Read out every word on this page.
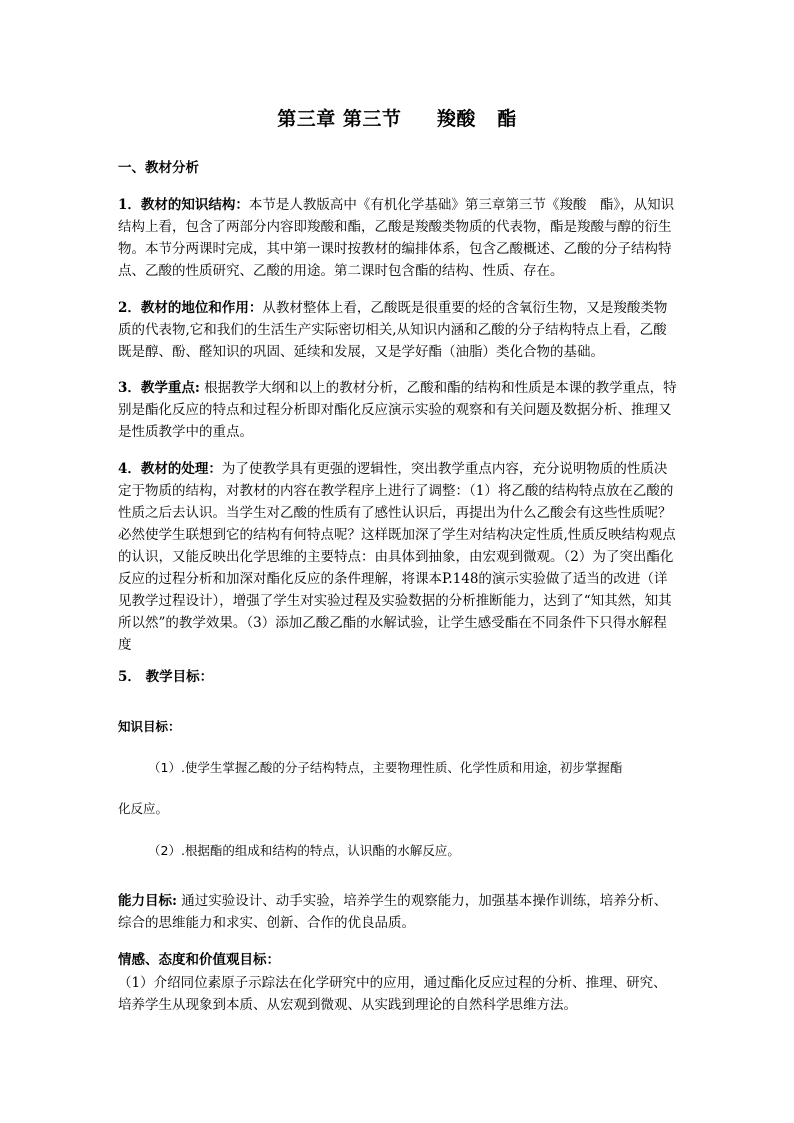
第三章 第三节     羧酸   酯
一、教材分析
1．教材的知识结构：本节是人教版高中《有机化学基础》第三章第三节《羧酸　酯》，从知识结构上看，包含了两部分内容即羧酸和酯，乙酸是羧酸类物质的代表物，酯是羧酸与醇的衍生物。本节分两课时完成，其中第一课时按教材的编排体系，包含乙酸概述、乙酸的分子结构特点、乙酸的性质研究、乙酸的用途。第二课时包含酯的结构、性质、存在。
2．教材的地位和作用：从教材整体上看，乙酸既是很重要的烃的含氧衍生物，又是羧酸类物质的代表物,它和我们的生活生产实际密切相关,从知识内涵和乙酸的分子结构特点上看，乙酸既是醇、酚、醛知识的巩固、延续和发展，又是学好酯（油脂）类化合物的基础。
3．教学重点: 根据教学大纲和以上的教材分析，乙酸和酯的结构和性质是本课的教学重点，特别是酯化反应的特点和过程分析即对酯化反应演示实验的观察和有关问题及数据分析、推理又是性质教学中的重点。
4．教材的处理：为了使教学具有更强的逻辑性，突出教学重点内容，充分说明物质的性质决定于物质的结构，对教材的内容在教学程序上进行了调整：（1）将乙酸的结构特点放在乙酸的性质之后去认识。当学生对乙酸的性质有了感性认识后，再提出为什么乙酸会有这些性质呢？必然使学生联想到它的结构有何特点呢？这样既加深了学生对结构决定性质,性质反映结构观点的认识，又能反映出化学思维的主要特点：由具体到抽象，由宏观到微观。（2）为了突出酯化反应的过程分析和加深对酯化反应的条件理解，将课本P.148的演示实验做了适当的改进（详见教学过程设计），增强了学生对实验过程及实验数据的分析推断能力，达到了“知其然，知其所以然”的教学效果。（3）添加乙酸乙酯的水解试验，让学生感受酯在不同条件下只得水解程度
5． 教学目标：
知识目标：
（1）.使学生掌握乙酸的分子结构特点，主要物理性质、化学性质和用途，初步掌握酯
化反应。
（2）.根据酯的组成和结构的特点，认识酯的水解反应。
能力目标: 通过实验设计、动手实验，培养学生的观察能力，加强基本操作训练，培养分析、综合的思维能力和求实、创新、合作的优良品质。
情感、态度和价值观目标：
（1）介绍同位素原子示踪法在化学研究中的应用，通过酯化反应过程的分析、推理、研究、培养学生从现象到本质、从宏观到微观、从实践到理论的自然科学思维方法。
